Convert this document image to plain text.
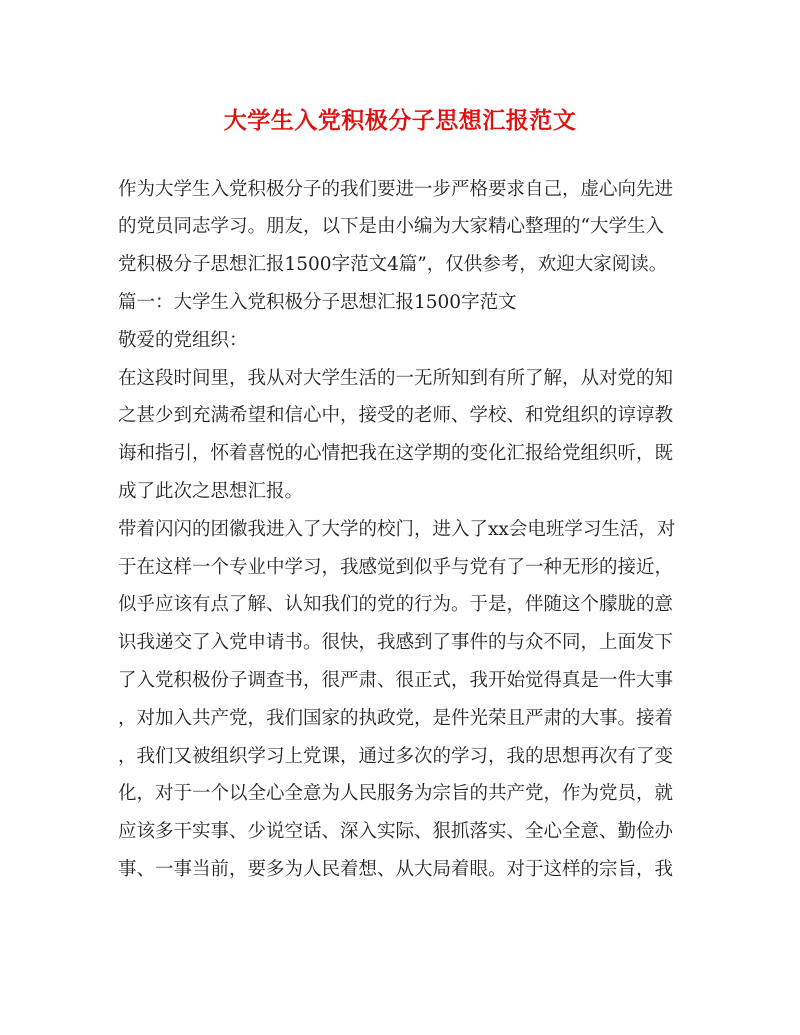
大学生入党积极分子思想汇报范文
作为大学生入党积极分子的我们要进一步严格要求自己，虚心向先进
的党员同志学习。朋友，以下是由小编为大家精心整理的“大学生入
党积极分子思想汇报1500字范文4篇”，仅供参考，欢迎大家阅读。
篇一：大学生入党积极分子思想汇报1500字范文
敬爱的党组织：
在这段时间里，我从对大学生活的一无所知到有所了解，从对党的知
之甚少到充满希望和信心中，接受的老师、学校、和党组织的谆谆教
诲和指引，怀着喜悦的心情把我在这学期的变化汇报给党组织听，既
成了此次之思想汇报。
带着闪闪的团徽我进入了大学的校门，进入了xx会电班学习生活，对
于在这样一个专业中学习，我感觉到似乎与党有了一种无形的接近，
似乎应该有点了解、认知我们的党的行为。于是，伴随这个朦胧的意
识我递交了入党申请书。很快，我感到了事件的与众不同，上面发下
了入党积极份子调查书，很严肃、很正式，我开始觉得真是一件大事
，对加入共产党，我们国家的执政党，是件光荣且严肃的大事。接着
，我们又被组织学习上党课，通过多次的学习，我的思想再次有了变
化，对于一个以全心全意为人民服务为宗旨的共产党，作为党员，就
应该多干实事、少说空话、深入实际、狠抓落实、全心全意、勤俭办
事、一事当前，要多为人民着想、从大局着眼。对于这样的宗旨，我
